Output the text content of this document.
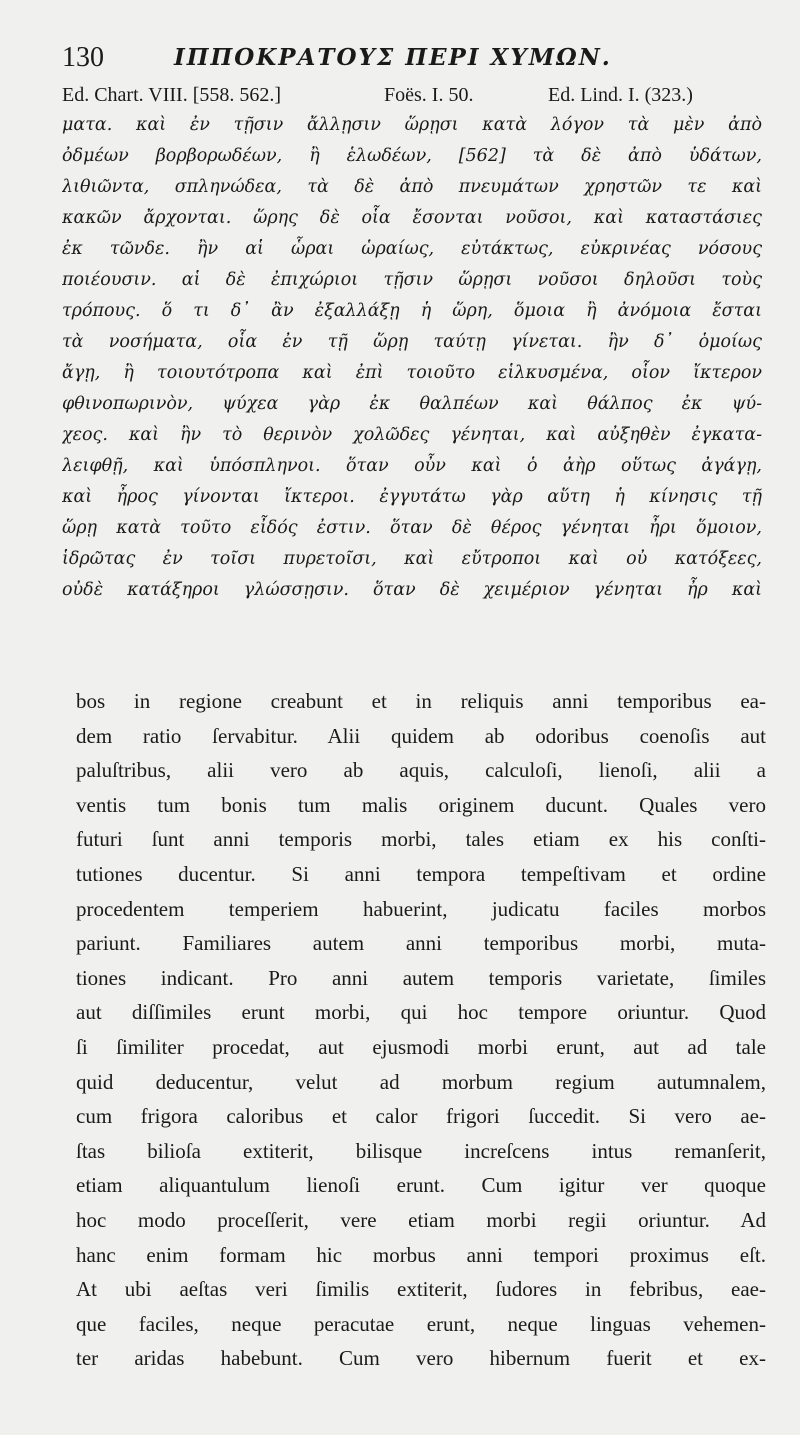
130	ΙΠΠΟΚΡΑΤΟΥΣ ΠΕΡΙ ΧΥΜΩΝ.
Ed. Chart. VIII. [558. 562.]	Foës. I. 50.	Ed. Lind. I. (323.)
ματα. καὶ ἐν τῇσιν ἄλλῃσιν ὥρῃσι κατὰ λόγον τὰ μὲν ἀπὸ
ὀδμέων βορβορωδέων, ἢ ἑλωδέων, [562] τὰ δὲ ἀπὸ ὑδάτων,
λιθιῶντα, σπληνώδεα, τὰ δὲ ἀπὸ πνευμάτων χρηστῶν τε καὶ
κακῶν ἄρχονται. ὥρης δὲ οἷα ἔσονται νοῦσοι, καὶ καταστάσιες
ἐκ τῶνδε. ἢν αἱ ὧραι ὡραίως, εὐτάκτως, εὐκρινέας νόσους
ποιέουσιν. αἱ δὲ ἐπιχώριοι τῇσιν ὥρῃσι νοῦσοι δηλοῦσι τοὺς
τρόπους. ὅ τι δ᾽ ἂν ἐξαλλάξῃ ἡ ὥρη, ὅμοια ἢ ἀνόμοια ἔσται
τὰ νοσήματα, οἷα ἐν τῇ ὥρῃ ταύτῃ γίνεται. ἢν δ᾽ ὁμοίως
ἄγῃ, ἢ τοιουτότροπα καὶ ἐπὶ τοιοῦτο εἱλκυσμένα, οἷον ἴκτερον
φθινοπωρινὸν, ψύχεα γὰρ ἐκ θαλπέων καὶ θάλπος ἐκ ψύ-
χεος. καὶ ἢν τὸ θερινὸν χολῶδες γένηται, καὶ αὐξηθὲν ἐγκατα-
λειφθῇ, καὶ ὑπόσπληνοι. ὅταν οὖν καὶ ὁ ἀὴρ οὕτως ἀγάγῃ,
καὶ ἦρος γίνονται ἴκτεροι. ἐγγυτάτω γὰρ αὕτη ἡ κίνησις τῇ
ὥρῃ κατὰ τοῦτο εἶδός ἐστιν. ὅταν δὲ θέρος γένηται ἦρι ὅμοιον,
ἱδρῶτας ἐν τοῖσι πυρετοῖσι, καὶ εὔτροποι καὶ οὐ κατόξεες,
οὐδὲ κατάξηροι γλώσσῃσιν. ὅταν δὲ χειμέριον γένηται ἦρ καὶ
bos in regione creabunt et in reliquis anni temporibus ea-
dem ratio ſervabitur. Alii quidem ab odoribus coenoſis aut
paluſtribus, alii vero ab aquis, calculoſi, lienoſi, alii a
ventis tum bonis tum malis originem ducunt. Quales vero
futuri ſunt anni temporis morbi, tales etiam ex his conſti-
tutiones ducentur. Si anni tempora tempeſtivam et ordine
procedentem temperiem habuerint, judicatu faciles morbos
pariunt. Familiares autem anni temporibus morbi, muta-
tiones indicant. Pro anni autem temporis varietate, ſimiles
aut diſſimiles erunt morbi, qui hoc tempore oriuntur. Quod
ſi ſimiliter procedat, aut ejusmodi morbi erunt, aut ad tale
quid deducentur, velut ad morbum regium autumnalem,
cum frigora caloribus et calor frigori ſuccedit. Si vero ae-
ſtas bilioſa extiterit, bilisque increſcens intus remanſerit,
etiam aliquantulum lienoſi erunt. Cum igitur ver quoque
hoc modo proceſſerit, vere etiam morbi regii oriuntur. Ad
hanc enim formam hic morbus anni tempori proximus eſt.
At ubi aeſtas veri ſimilis extiterit, ſudores in febribus, eae-
que faciles, neque peracutae erunt, neque linguas vehemen-
ter aridas habebunt. Cum vero hibernum fuerit et ex-
